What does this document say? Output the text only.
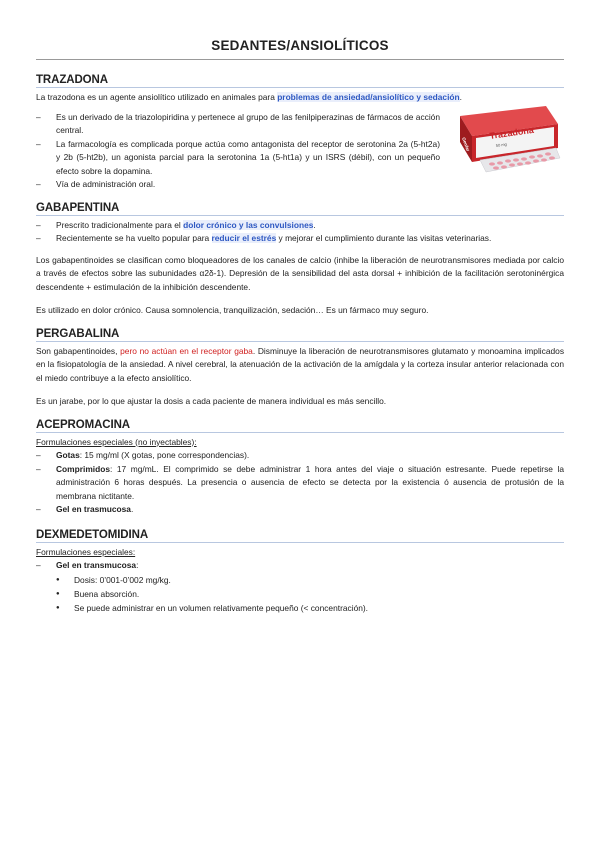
SEDANTES/ANSIOLÍTICOS
TRAZADONA

La trazodona es un agente ansiolítico utilizado en animales para problemas de ansiedad/ansiolítico y sedación.

– Es un derivado de la triazolopiridina y pertenece al grupo de las fenilpiperazinas de fármacos de acción central.
– La farmacología es complicada porque actúa como antagonista del receptor de serotonina 2a (5-ht2a) y 2b (5-ht2b), un agonista parcial para la serotonina 1a (5-ht1a) y un ISRS (débil), con un pequeño efecto sobre la dopamina.
– Vía de administración oral.
Trazadona
50 mg
Genfar
GABAPENTINA
– Prescrito tradicionalmente para el dolor crónico y las convulsiones.
– Recientemente se ha vuelto popular para reducir el estrés y mejorar el cumplimiento durante las visitas veterinarias.

Los gabapentinoides se clasifican como bloqueadores de los canales de calcio (inhibe la liberación de neurotransmisores mediada por calcio a través de efectos sobre las subunidades α2δ-1). Depresión de la sensibilidad del asta dorsal + inhibición de la facilitación serotoninérgica descendente + estimulación de la inhibición descendente.

Es utilizado en dolor crónico. Causa somnolencia, tranquilización, sedación… Es un fármaco muy seguro.

PERGABALINA

Son gabapentinoides, pero no actúan en el receptor gaba. Disminuye la liberación de neurotransmisores glutamato y monoamina implicados en la fisiopatología de la ansiedad. A nivel cerebral, la atenuación de la activación de la amígdala y la corteza insular anterior relacionada con el miedo contribuye a la efecto ansiolítico.

Es un jarabe, por lo que ajustar la dosis a cada paciente de manera individual es más sencillo.

ACEPROMACINA

Formulaciones especiales (no inyectables):

– Gotas: 15 mg/ml (X gotas, pone correspondencias).
– Comprimidos: 17 mg/mL. El comprimido se debe administrar 1 hora antes del viaje o situación estresante. Puede repetirse la administración 6 horas después. La presencia o ausencia de efecto se detecta por la existencia ó ausencia de protusión de la membrana nictitante.
– Gel en trasmucosa.
DEXMEDETOMIDINA

Formulaciones especiales:

– Gel en transmucosa:
● Dosis: 0’001-0’002 mg/kg.
● Buena absorción.
● Se puede administrar en un volumen relativamente pequeño (< concentración).
